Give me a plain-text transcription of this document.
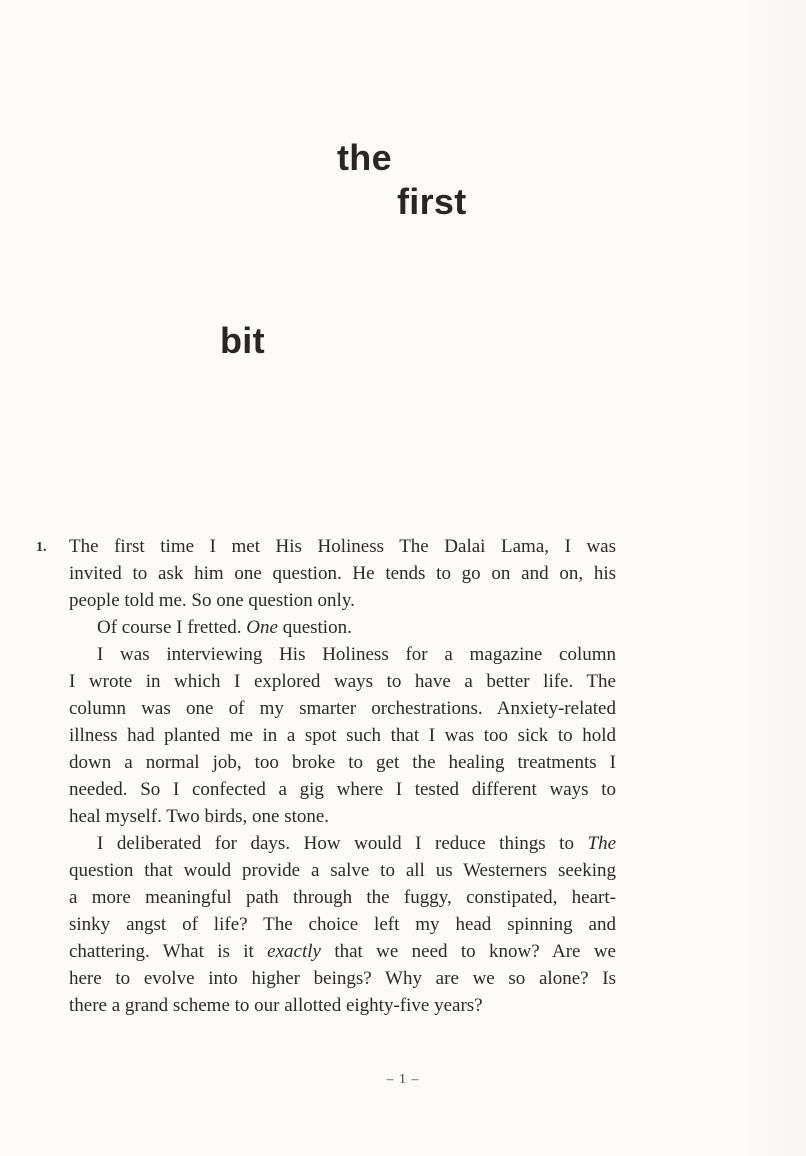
the
first
bit
1. The first time I met His Holiness The Dalai Lama, I was
invited to ask him one question. He tends to go on and on, his
people told me. So one question only.
Of course I fretted. One question.
I was interviewing His Holiness for a magazine column
I wrote in which I explored ways to have a better life. The
column was one of my smarter orchestrations. Anxiety-related
illness had planted me in a spot such that I was too sick to hold
down a normal job, too broke to get the healing treatments I
needed. So I confected a gig where I tested different ways to
heal myself. Two birds, one stone.
I deliberated for days. How would I reduce things to The
question that would provide a salve to all us Westerners seeking
a more meaningful path through the fuggy, constipated, heart-
sinky angst of life? The choice left my head spinning and
chattering. What is it exactly that we need to know? Are we
here to evolve into higher beings? Why are we so alone? Is
there a grand scheme to our allotted eighty-five years?
– 1 –
